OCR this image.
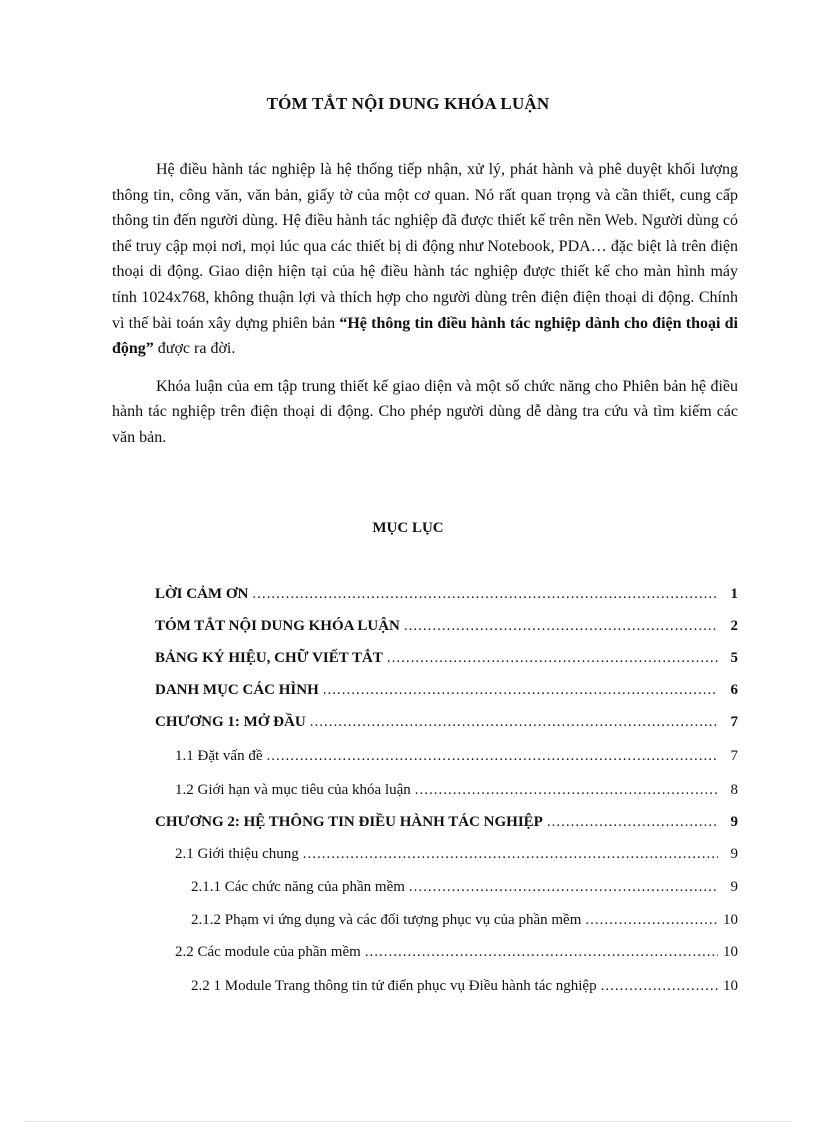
TÓM TẮT NỘI DUNG KHÓA LUẬN

Hệ điều hành tác nghiệp là hệ thống tiếp nhận, xử lý, phát hành và phê duyệt khối lượng thông tin, công văn, văn bản, giấy tờ của một cơ quan. Nó rất quan trọng và cần thiết, cung cấp thông tin đến người dùng. Hệ điều hành tác nghiệp đã được thiết kế trên nền Web. Người dùng có thể truy cập mọi nơi, mọi lúc qua các thiết bị di động như Notebook, PDA… đặc biệt là trên điện thoại di động. Giao diện hiện tại của hệ điều hành tác nghiệp được thiết kế cho màn hình máy tính 1024x768, không thuận lợi và thích hợp cho người dùng trên điện điện thoại di động. Chính vì thế bài toán xây dựng phiên bản “Hệ thông tin điều hành tác nghiệp dành cho điện thoại di động” được ra đời.

Khóa luận của em tập trung thiết kế giao diện và một số chức năng cho Phiên bản hệ điều hành tác nghiệp trên điện thoại di động. Cho phép người dùng dễ dàng tra cứu và tìm kiếm các văn bản.

MỤC LỤC
LỜI CẢM ƠN .....	1
TÓM TẮT NỘI DUNG KHÓA LUẬN .....	2
BẢNG KÝ HIỆU, CHỮ VIẾT TẮT .....	5
DANH MỤC CÁC HÌNH .....	6
CHƯƠNG 1: MỞ ĐẦU .....	7
1.1 Đặt vấn đề .....	7
1.2 Giới hạn và mục tiêu của khóa luận .....	8
CHƯƠNG 2: HỆ THÔNG TIN ĐIỀU HÀNH TÁC NGHIỆP .....	9
2.1 Giới thiệu chung .....	9
2.1.1 Các chức năng của phần mềm .....	9
2.1.2 Phạm vi ứng dụng và các đối tượng phục vụ của phần mềm .....	10
2.2 Các module của phần mềm .....	10
2.2 1 Module Trang thông tin tử điển phục vụ Điều hành tác nghiệp .....	10
